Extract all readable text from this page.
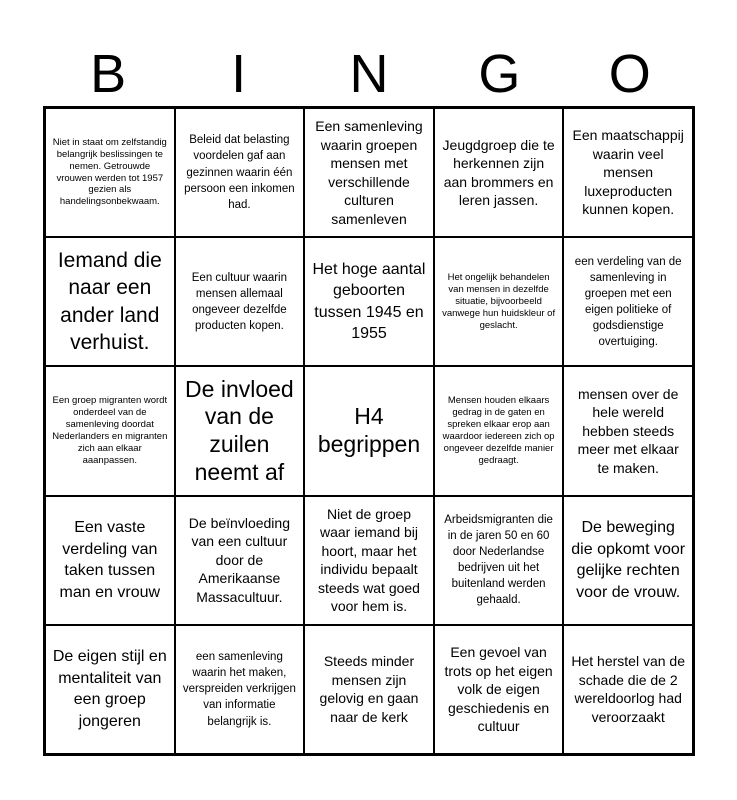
B	I	N	G	O
Niet in staat om zelfstandig belangrijk beslissingen te nemen. Getrouwde vrouwen werden tot 1957 gezien als handelingsonbekwaam.
Beleid dat belasting voordelen gaf aan gezinnen waarin één persoon een inkomen had.
Een samenleving waarin groepen mensen met verschillende culturen samenleven
Jeugdgroep die te herkennen zijn aan brommers en leren jassen.
Een maatschappij waarin veel mensen luxeproducten kunnen kopen.
Iemand die naar een ander land verhuist.
Een cultuur waarin mensen allemaal ongeveer dezelfde producten kopen.
Het hoge aantal geboorten tussen 1945 en 1955
Het ongelijk behandelen van mensen in dezelfde situatie, bijvoorbeeld vanwege hun huidskleur of geslacht.
een verdeling van de samenleving in groepen met een eigen politieke of godsdienstige overtuiging.
Een groep migranten wordt onderdeel van de samenleving doordat Nederlanders en migranten zich aan elkaar aaanpassen.
De invloed van de zuilen neemt af
H4 begrippen
Mensen houden elkaars gedrag in de gaten en spreken elkaar erop aan waardoor iedereen zich op ongeveer dezelfde manier gedraagt.
mensen over de hele wereld hebben steeds meer met elkaar te maken.
Een vaste verdeling van taken tussen man en vrouw
De beïnvloeding van een cultuur door de Amerikaanse Massacultuur.
Niet de groep waar iemand bij hoort, maar het individu bepaalt steeds wat goed voor hem is.
Arbeidsmigranten die in de jaren 50 en 60 door Nederlandse bedrijven uit het buitenland werden gehaald.
De beweging die opkomt voor gelijke rechten voor de vrouw.
De eigen stijl en mentaliteit van een groep jongeren
een samenleving waarin het maken, verspreiden verkrijgen van informatie belangrijk is.
Steeds minder mensen zijn gelovig en gaan naar de kerk
Een gevoel van trots op het eigen volk de eigen geschiedenis en cultuur
Het herstel van de schade die de 2 wereldoorlog had veroorzaakt
